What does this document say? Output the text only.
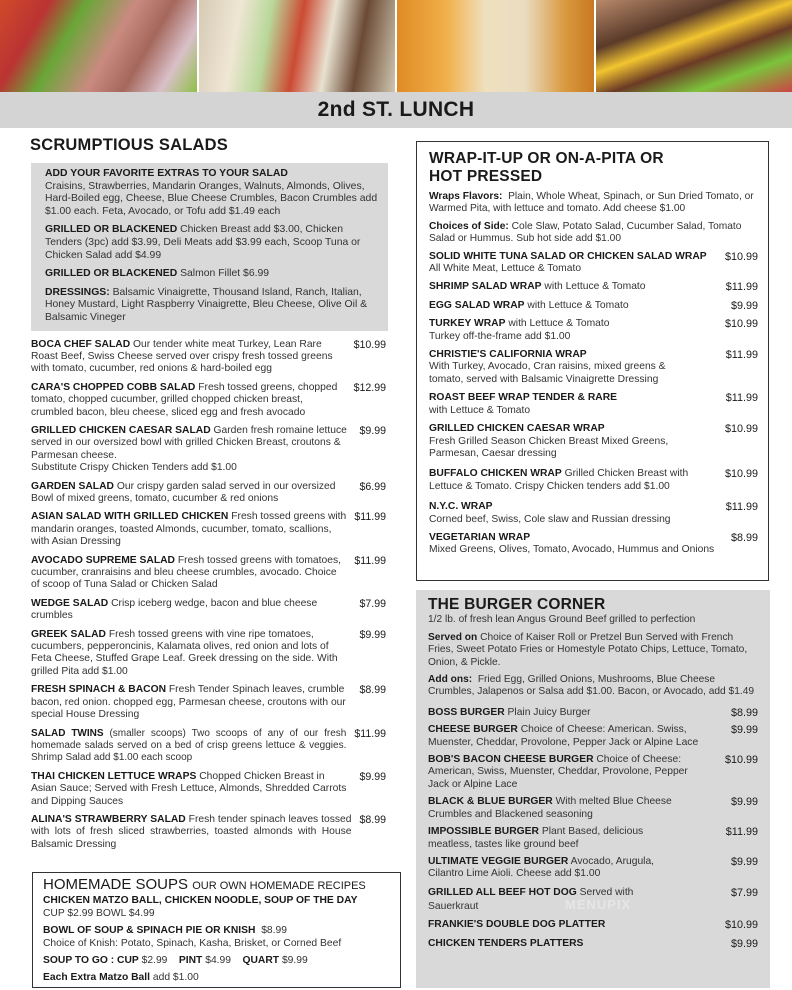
2nd ST. LUNCH
SCRUMPTIOUS SALADS

ADD YOUR FAVORITE EXTRAS TO YOUR SALAD
Craisins, Strawberries, Mandarin Oranges, Walnuts, Almonds, Olives, Hard-Boiled egg, Cheese, Blue Cheese Crumbles, Bacon Crumbles add $1.00 each. Feta, Avocado, or Tofu add $1.49 each

GRILLED OR BLACKENED Chicken Breast add $3.00, Chicken Tenders (3pc) add $3.99, Deli Meats add $3.99 each, Scoop Tuna or Chicken Salad add $4.99

GRILLED OR BLACKENED Salmon Fillet $6.99

DRESSINGS: Balsamic Vinaigrette, Thousand Island, Ranch, Italian, Honey Mustard, Light Raspberry Vinaigrette, Bleu Cheese, Olive Oil & Balsamic Vineger

BOCA CHEF SALAD Our tender white meat Turkey, Lean Rare Roast Beef, Swiss Cheese served over crispy fresh tossed greens with tomato, cucumber, red onions & hard-boiled egg
$10.99
CARA'S CHOPPED COBB SALAD Fresh tossed greens, chopped tomato, chopped cucumber, grilled chopped chicken breast, crumbled bacon, bleu cheese, sliced egg and fresh avocado
$12.99
GRILLED CHICKEN CAESAR SALAD Garden fresh romaine lettuce served in our oversized bowl with grilled Chicken Breast, croutons & Parmesan cheese.
Substitute Crispy Chicken Tenders add $1.00
$9.99
GARDEN SALAD Our crispy garden salad served in our oversized Bowl of mixed greens, tomato, cucumber & red onions
$6.99
ASIAN SALAD WITH GRILLED CHICKEN Fresh tossed greens with mandarin oranges, toasted Almonds, cucumber, tomato, scallions, with Asian Dressing
$11.99
AVOCADO SUPREME SALAD Fresh tossed greens with tomatoes, cucumber, cranraisins and bleu cheese crumbles, avocado. Choice of scoop of Tuna Salad or Chicken Salad
$11.99
WEDGE SALAD Crisp iceberg wedge, bacon and blue cheese crumbles
$7.99
GREEK SALAD Fresh tossed greens with vine ripe tomatoes, cucumbers, pepperoncinis, Kalamata olives, red onion and lots of Feta Cheese, Stuffed Grape Leaf. Greek dressing on the side. With grilled Pita add $1.00
$9.99
FRESH SPINACH & BACON Fresh Tender Spinach leaves, crumble bacon, red onion. chopped egg, Parmesan cheese, croutons with our special House Dressing
$8.99
SALAD TWINS (smaller scoops) Two scoops of any of our fresh homemade salads served on a bed of crisp greens lettuce & veggies. Shrimp Salad add $1.00 each scoop
$11.99
THAI CHICKEN LETTUCE WRAPS Chopped Chicken Breast in Asian Sauce; Served with Fresh Lettuce, Almonds, Shredded Carrots and Dipping Sauces
$9.99
ALINA'S STRAWBERRY SALAD Fresh tender spinach leaves tossed with lots of fresh sliced strawberries, toasted almonds with House Balsamic Dressing
$8.99
HOMEMADE SOUPS OUR OWN HOMEMADE RECIPES

CHICKEN MATZO BALL, CHICKEN NOODLE, SOUP OF THE DAY
CUP $2.99 BOWL $4.99

BOWL OF SOUP & SPINACH PIE OR KNISH $8.99
Choice of Knish: Potato, Spinach, Kasha, Brisket, or Corned Beef

SOUP TO GO : CUP $2.99 PINT $4.99 QUART $9.99

Each Extra Matzo Ball add $1.00

WRAP-IT-UP OR ON-A-PITA OR HOT PRESSED

Wraps Flavors: Plain, Whole Wheat, Spinach, or Sun Dried Tomato, or Warmed Pita, with lettuce and tomato. Add cheese $1.00

Choices of Side: Cole Slaw, Potato Salad, Cucumber Salad, Tomato Salad or Hummus. Sub hot side add $1.00

SOLID WHITE TUNA SALAD OR CHICKEN SALAD WRAP
All White Meat, Lettuce & Tomato
$10.99
SHRIMP SALAD WRAP with Lettuce & Tomato	$11.99
EGG SALAD WRAP with Lettuce & Tomato	$9.99
TURKEY WRAP with Lettuce & Tomato
Turkey off-the-frame add $1.00
$10.99
CHRISTIE'S CALIFORNIA WRAP
With Turkey, Avocado, Cran raisins, mixed greens & tomato, served with Balsamic Vinaigrette Dressing
$11.99
ROAST BEEF WRAP TENDER & RARE
with Lettuce & Tomato
$11.99
GRILLED CHICKEN CAESAR WRAP
Fresh Grilled Season Chicken Breast Mixed Greens, Parmesan, Caesar dressing
$10.99
BUFFALO CHICKEN WRAP Grilled Chicken Breast with Lettuce & Tomato. Crispy Chicken tenders add $1.00
$10.99
N.Y.C. WRAP
Corned beef, Swiss, Cole slaw and Russian dressing
$11.99
VEGETARIAN WRAP
Mixed Greens, Olives, Tomato, Avocado, Hummus and Onions
$8.99
THE BURGER CORNER

1/2 lb. of fresh lean Angus Ground Beef grilled to perfection

Served on Choice of Kaiser Roll or Pretzel Bun Served with French Fries, Sweet Potato Fries or Homestyle Potato Chips, Lettuce, Tomato, Onion, & Pickle.

Add ons: Fried Egg, Grilled Onions, Mushrooms, Blue Cheese Crumbles, Jalapenos or Salsa add $1.00. Bacon, or Avocado, add $1.49

BOSS BURGER Plain Juicy Burger	$8.99
CHEESE BURGER Choice of Cheese: American. Swiss, Muenster, Cheddar, Provolone, Pepper Jack or Alpine Lace
$9.99
BOB'S BACON CHEESE BURGER Choice of Cheese: American, Swiss, Muenster, Cheddar, Provolone, Pepper Jack or Alpine Lace
$10.99
BLACK & BLUE BURGER With melted Blue Cheese Crumbles and Blackened seasoning
$9.99
IMPOSSIBLE BURGER Plant Based, delicious meatless, tastes like ground beef
$11.99
ULTIMATE VEGGIE BURGER Avocado, Arugula, Cilantro Lime Aioli. Cheese add $1.00
$9.99
GRILLED ALL BEEF HOT DOG Served with Sauerkraut
$7.99
FRANKIE'S DOUBLE DOG PLATTER	$10.99
CHICKEN TENDERS PLATTERS	$9.99
MENUPIX
